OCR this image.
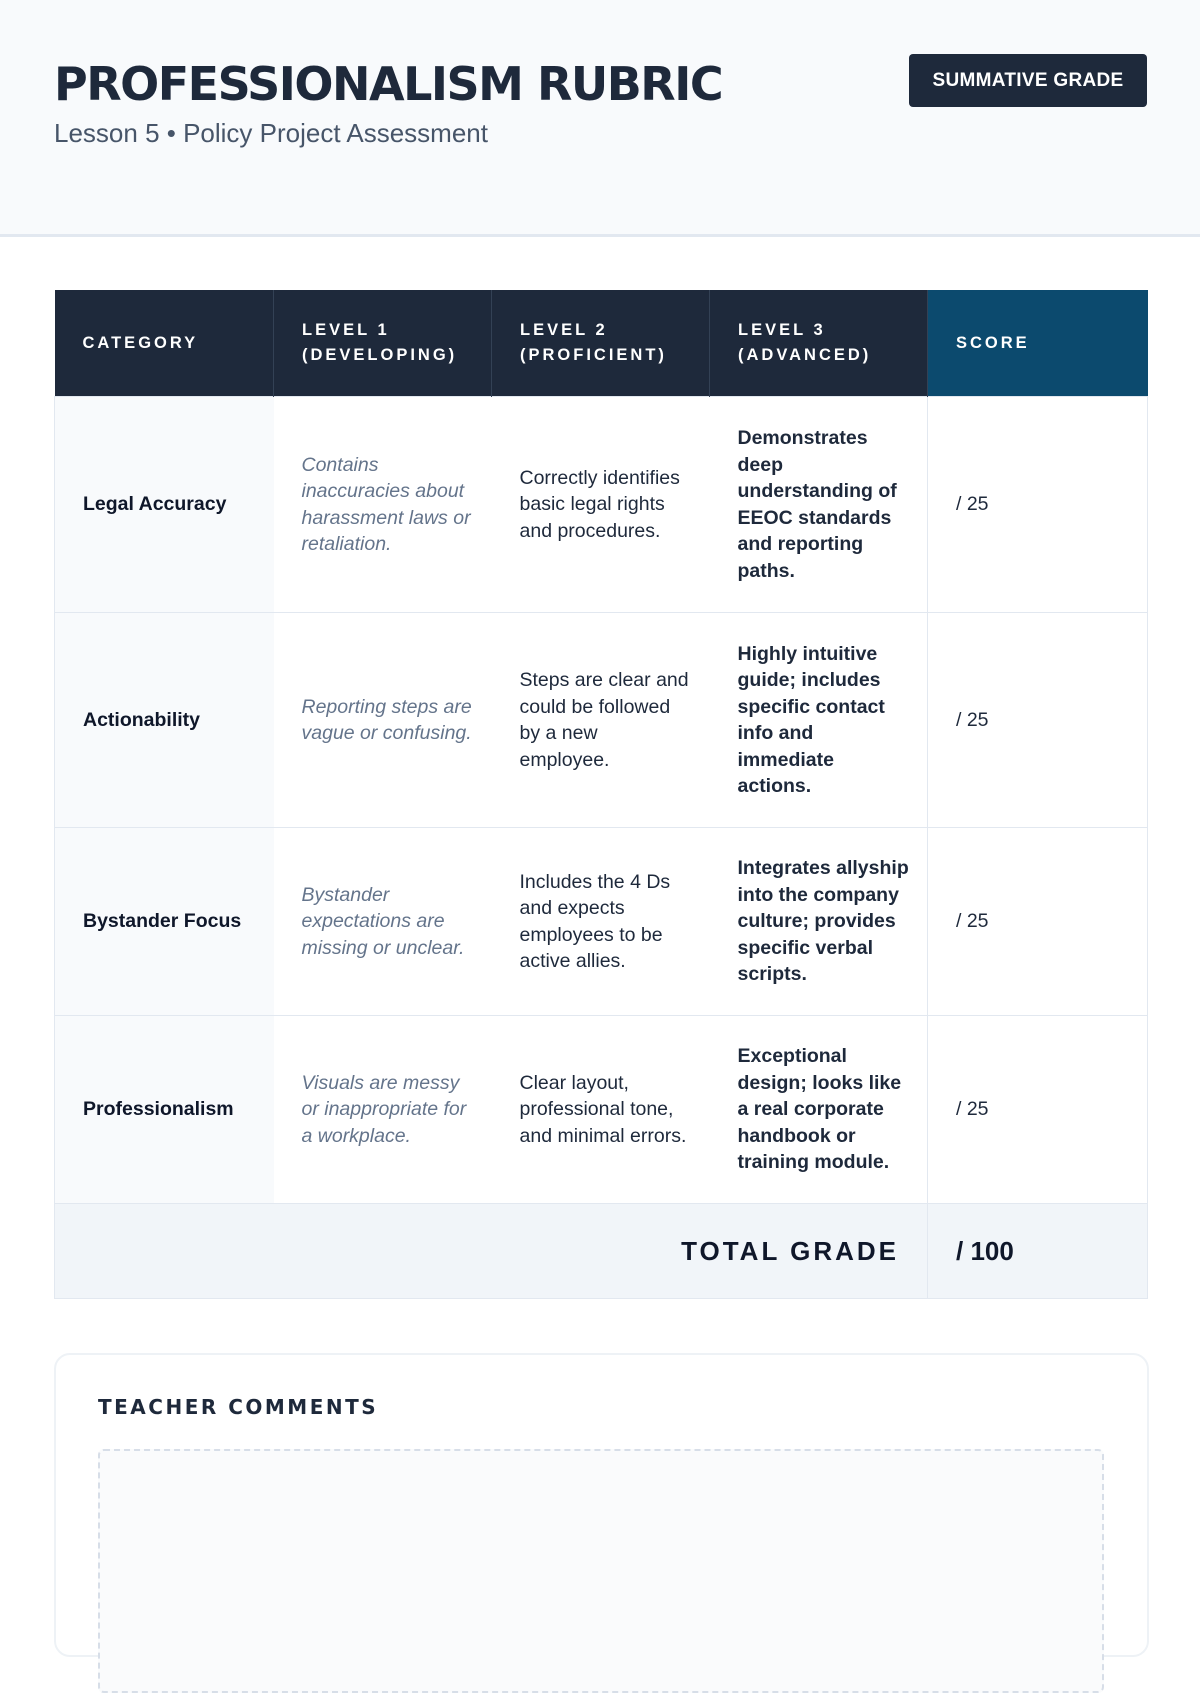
PROFESSIONALISM RUBRIC
Lesson 5 • Policy Project Assessment
SUMMATIVE GRADE
CATEGORY	LEVEL 1 (DEVELOPING)	LEVEL 2 (PROFICIENT)	LEVEL 3 (ADVANCED)	SCORE
Legal Accuracy	Contains inaccuracies about harassment laws or retaliation.	Correctly identifies basic legal rights and procedures.	Demonstrates deep understanding of EEOC standards and reporting paths.	/ 25
Actionability	Reporting steps are vague or confusing.	Steps are clear and could be followed by a new employee.	Highly intuitive guide; includes specific contact info and immediate actions.	/ 25
Bystander Focus	Bystander expectations are missing or unclear.	Includes the 4 Ds and expects employees to be active allies.	Integrates allyship into the company culture; provides specific verbal scripts.	/ 25
Professionalism	Visuals are messy or inappropriate for a workplace.	Clear layout, professional tone, and minimal errors.	Exceptional design; looks like a real corporate handbook or training module.	/ 25
TOTAL GRADE				/ 100
TEACHER COMMENTS
